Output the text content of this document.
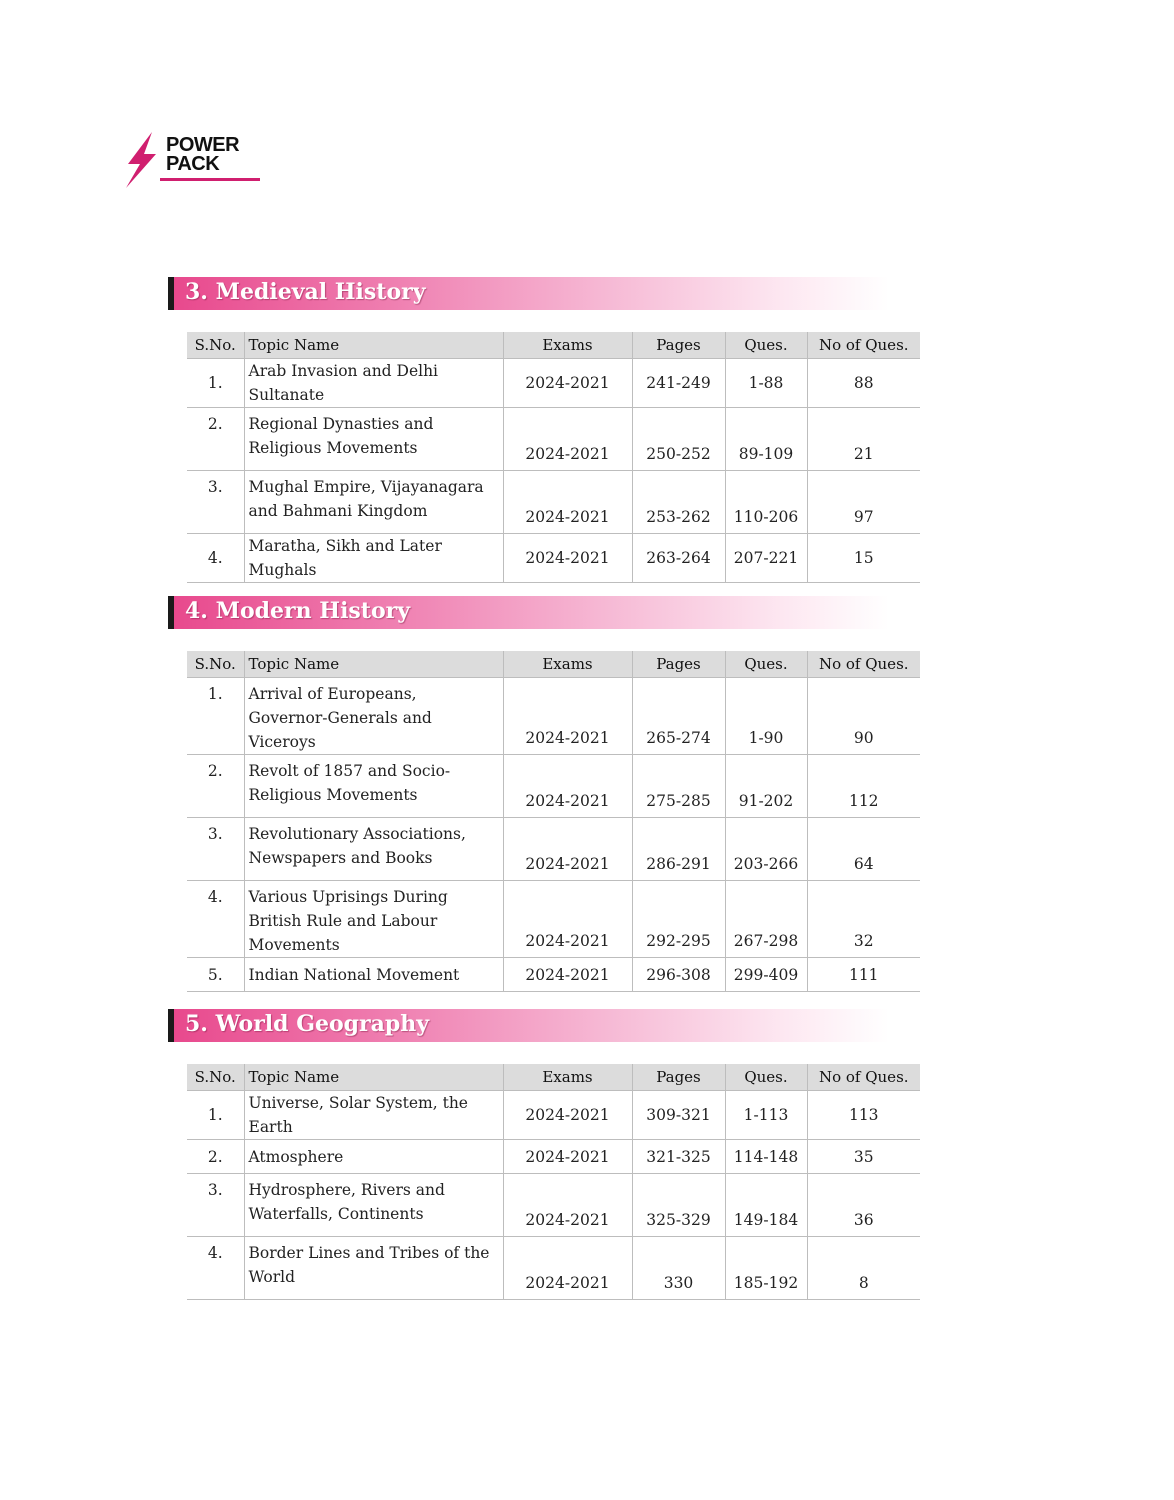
POWER
PACK
3. Medieval History
S.No.	Topic Name	Exams	Pages	Ques.	No of Ques.
1.	Arab Invasion and Delhi Sultanate	2024-2021	241-249	1-88	88
2.	Regional Dynasties and Religious Movements	2024-2021	250-252	89-109	21
3.	Mughal Empire, Vijayanagara and Bahmani Kingdom	2024-2021	253-262	110-206	97
4.	Maratha, Sikh and Later Mughals	2024-2021	263-264	207-221	15
4. Modern History
S.No.	Topic Name	Exams	Pages	Ques.	No of Ques.
1.	Arrival of Europeans, Governor-Generals and Viceroys	2024-2021	265-274	1-90	90
2.	Revolt of 1857 and Socio-Religious Movements	2024-2021	275-285	91-202	112
3.	Revolutionary Associations, Newspapers and Books	2024-2021	286-291	203-266	64
4.	Various Uprisings During British Rule and Labour Movements	2024-2021	292-295	267-298	32
5.	Indian National Movement	2024-2021	296-308	299-409	111
5. World Geography
S.No.	Topic Name	Exams	Pages	Ques.	No of Ques.
1.	Universe, Solar System, the Earth	2024-2021	309-321	1-113	113
2.	Atmosphere	2024-2021	321-325	114-148	35
3.	Hydrosphere, Rivers and Waterfalls, Continents	2024-2021	325-329	149-184	36
4.	Border Lines and Tribes of the World	2024-2021	330	185-192	8
